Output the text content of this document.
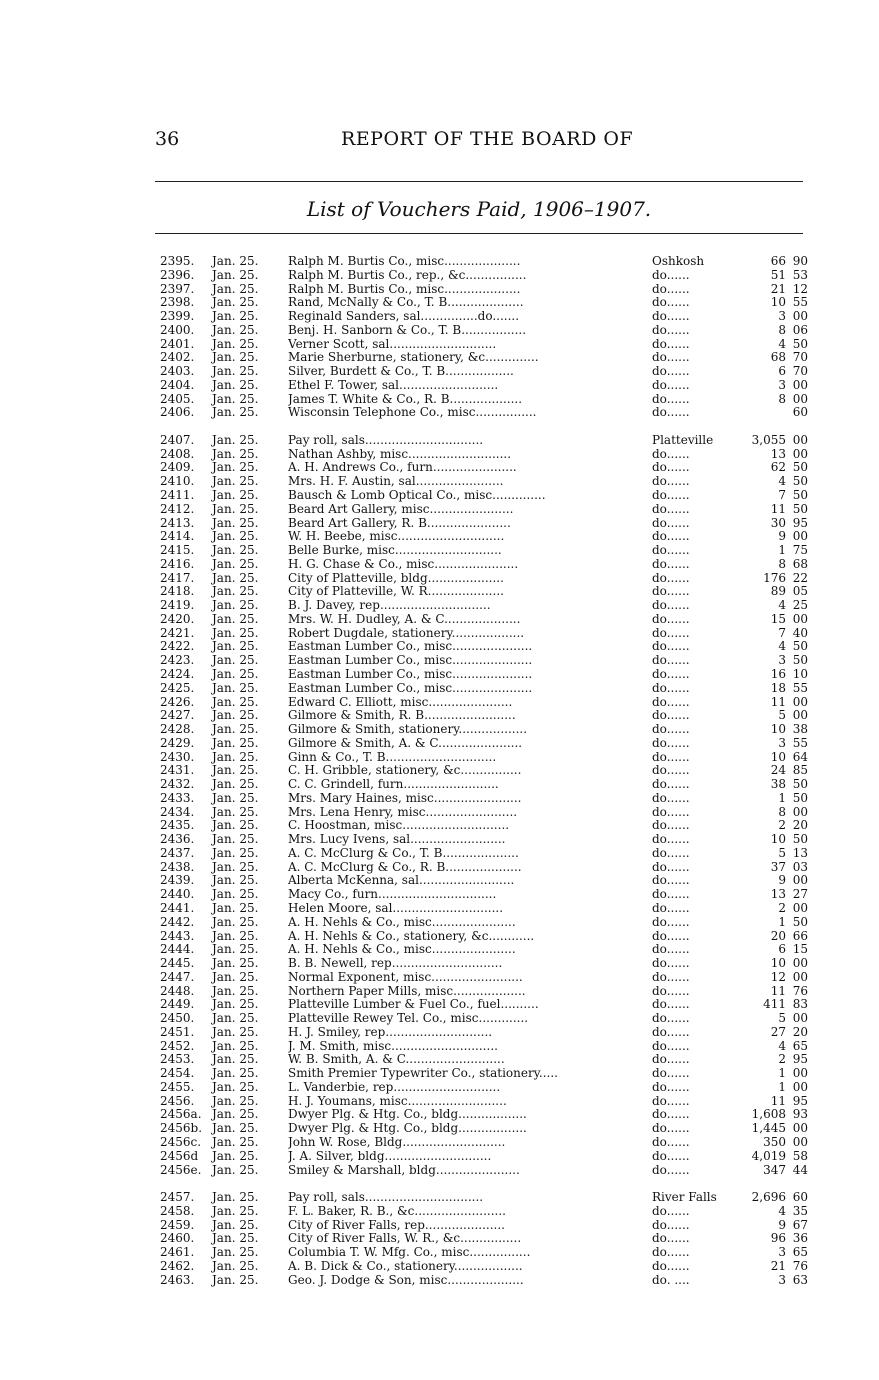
36	REPORT OF THE BOARD OF
List of Vouchers Paid, 1906–1907.
2395.	Jan. 25.	Ralph M. Burtis Co., misc....................	Oshkosh	66 90
2396.	Jan. 25.	Ralph M. Burtis Co., rep., &c................	do......	51 53
2397.	Jan. 25.	Ralph M. Burtis Co., misc....................	do......	21 12
2398.	Jan. 25.	Rand, McNally & Co., T. B....................	do......	10 55
2399.	Jan. 25.	Reginald Sanders, sal...............do.......	do......	3 00
2400.	Jan. 25.	Benj. H. Sanborn & Co., T. B.................	do......	8 06
2401.	Jan. 25.	Verner Scott, sal............................	do......	4 50
2402.	Jan. 25.	Marie Sherburne, stationery, &c..............	do......	68 70
2403.	Jan. 25.	Silver, Burdett & Co., T. B..................	do......	6 70
2404.	Jan. 25.	Ethel F. Tower, sal..........................	do......	3 00
2405.	Jan. 25.	James T. White & Co., R. B...................	do......	8 00
2406.	Jan. 25.	Wisconsin Telephone Co., misc................	do......	60
2407.	Jan. 25.	Pay roll, sals...............................	Platteville	3,055 00
2408.	Jan. 25.	Nathan Ashby, misc...........................	do......	13 00
2409.	Jan. 25.	A. H. Andrews Co., furn......................	do......	62 50
2410.	Jan. 25.	Mrs. H. F. Austin, sal.......................	do......	4 50
2411.	Jan. 25.	Bausch & Lomb Optical Co., misc..............	do......	7 50
2412.	Jan. 25.	Beard Art Gallery, misc......................	do......	11 50
2413.	Jan. 25.	Beard Art Gallery, R. B......................	do......	30 95
2414.	Jan. 25.	W. H. Beebe, misc............................	do......	9 00
2415.	Jan. 25.	Belle Burke, misc............................	do......	1 75
2416.	Jan. 25.	H. G. Chase & Co., misc......................	do......	8 68
2417.	Jan. 25.	City of Platteville, bldg....................	do......	176 22
2418.	Jan. 25.	City of Platteville, W. R....................	do......	89 05
2419.	Jan. 25.	B. J. Davey, rep.............................	do......	4 25
2420.	Jan. 25.	Mrs. W. H. Dudley, A. & C....................	do......	15 00
2421.	Jan. 25.	Robert Dugdale, stationery...................	do......	7 40
2422.	Jan. 25.	Eastman Lumber Co., misc.....................	do......	4 50
2423.	Jan. 25.	Eastman Lumber Co., misc.....................	do......	3 50
2424.	Jan. 25.	Eastman Lumber Co., misc.....................	do......	16 10
2425.	Jan. 25.	Eastman Lumber Co., misc.....................	do......	18 55
2426.	Jan. 25.	Edward C. Elliott, misc......................	do......	11 00
2427.	Jan. 25.	Gilmore & Smith, R. B........................	do......	5 00
2428.	Jan. 25.	Gilmore & Smith, stationery..................	do......	10 38
2429.	Jan. 25.	Gilmore & Smith, A. & C......................	do......	3 55
2430.	Jan. 25.	Ginn & Co., T. B.............................	do......	10 64
2431.	Jan. 25.	C. H. Gribble, stationery, &c................	do......	24 85
2432.	Jan. 25.	C. C. Grindell, furn.........................	do......	38 50
2433.	Jan. 25.	Mrs. Mary Haines, misc.......................	do......	1 50
2434.	Jan. 25.	Mrs. Lena Henry, misc........................	do......	8 00
2435.	Jan. 25.	C. Hoostman, misc............................	do......	2 20
2436.	Jan. 25.	Mrs. Lucy Ivens, sal.........................	do......	10 50
2437.	Jan. 25.	A. C. McClurg & Co., T. B....................	do......	5 13
2438.	Jan. 25.	A. C. McClurg & Co., R. B....................	do......	37 03
2439.	Jan. 25.	Alberta McKenna, sal.........................	do......	9 00
2440.	Jan. 25.	Macy Co., furn...............................	do......	13 27
2441.	Jan. 25.	Helen Moore, sal.............................	do......	2 00
2442.	Jan. 25.	A. H. Nehls & Co., misc......................	do......	1 50
2443.	Jan. 25.	A. H. Nehls & Co., stationery, &c............	do......	20 66
2444.	Jan. 25.	A. H. Nehls & Co., misc......................	do......	6 15
2445.	Jan. 25.	B. B. Newell, rep.............................	do......	10 00
2447.	Jan. 25.	Normal Exponent, misc........................	do......	12 00
2448.	Jan. 25.	Northern Paper Mills, misc...................	do......	11 76
2449.	Jan. 25.	Platteville Lumber & Fuel Co., fuel..........	do......	411 83
2450.	Jan. 25.	Platteville Rewey Tel. Co., misc.............	do......	5 00
2451.	Jan. 25.	H. J. Smiley, rep............................	do......	27 20
2452.	Jan. 25.	J. M. Smith, misc............................	do......	4 65
2453.	Jan. 25.	W. B. Smith, A. & C..........................	do......	2 95
2454.	Jan. 25.	Smith Premier Typewriter Co., stationery.....	do......	1 00
2455.	Jan. 25.	L. Vanderbie, rep............................	do......	1 00
2456.	Jan. 25.	H. J. Youmans, misc..........................	do......	11 95
2456a. Jan. 25.	Dwyer Plg. & Htg. Co., bldg..................	do......	1,608 93
2456b. Jan. 25.	Dwyer Plg. & Htg. Co., bldg..................	do......	1,445 00
2456c. Jan. 25.	John W. Rose, Bldg...........................	do......	350 00
2456d	Jan. 25.	J. A. Silver, bldg............................	do......	4,019 58
2456e. Jan. 25.	Smiley & Marshall, bldg......................	do......	347 44
2457.	Jan. 25.	Pay roll, sals...............................	River Falls	2,696 60
2458.	Jan. 25.	F. L. Baker, R. B., &c........................	do......	4 35
2459.	Jan. 25.	City of River Falls, rep.....................	do......	9 67
2460.	Jan. 25.	City of River Falls, W. R., &c................	do......	96 36
2461.	Jan. 25.	Columbia T. W. Mfg. Co., misc................	do......	3 65
2462.	Jan. 25.	A. B. Dick & Co., stationery..................	do......	21 76
2463.	Jan. 25.	Geo. J. Dodge & Son, misc....................	do. ....	3 63
